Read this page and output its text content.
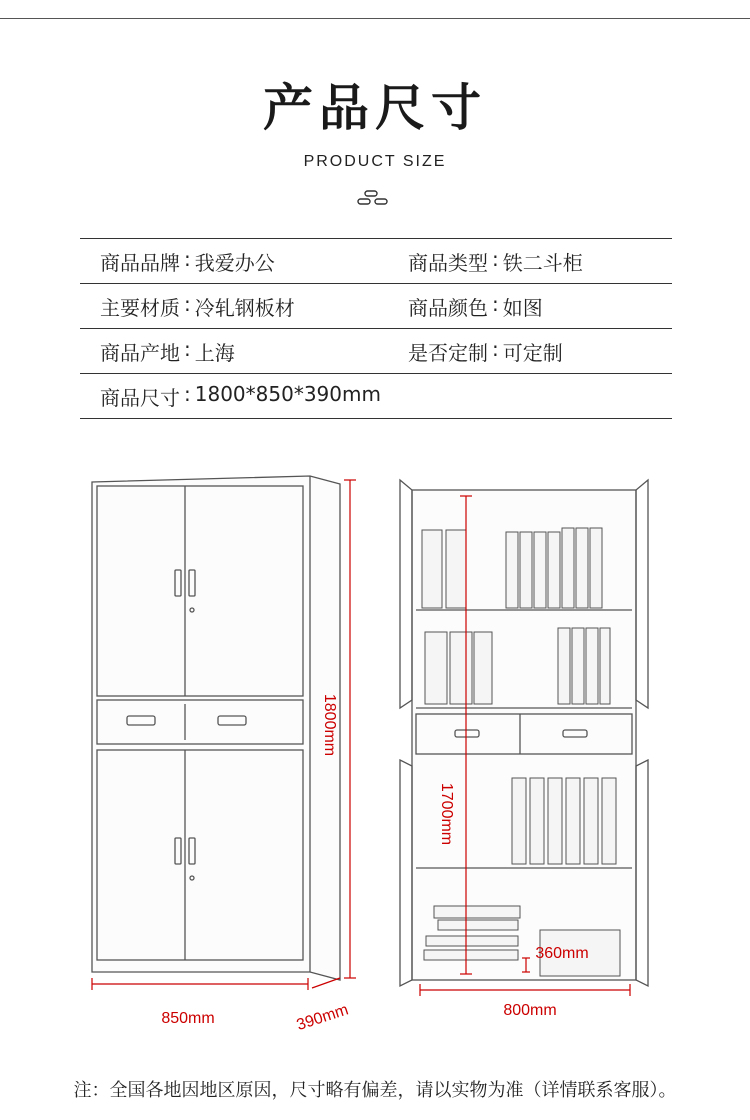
产品尺寸
PRODUCT SIZE
商品品牌 : 我爱办公	商品类型 : 铁二斗柜
主要材质 : 冷轧钢板材	商品颜色 : 如图
商品产地 : 上海	是否定制 : 可定制
商品尺寸 : 1800*850*390mm
1800mm
850mm	390mm
1700mm
800mm
360mm
注：全国各地因地区原因，尺寸略有偏差，请以实物为准（详情联系客服）。
